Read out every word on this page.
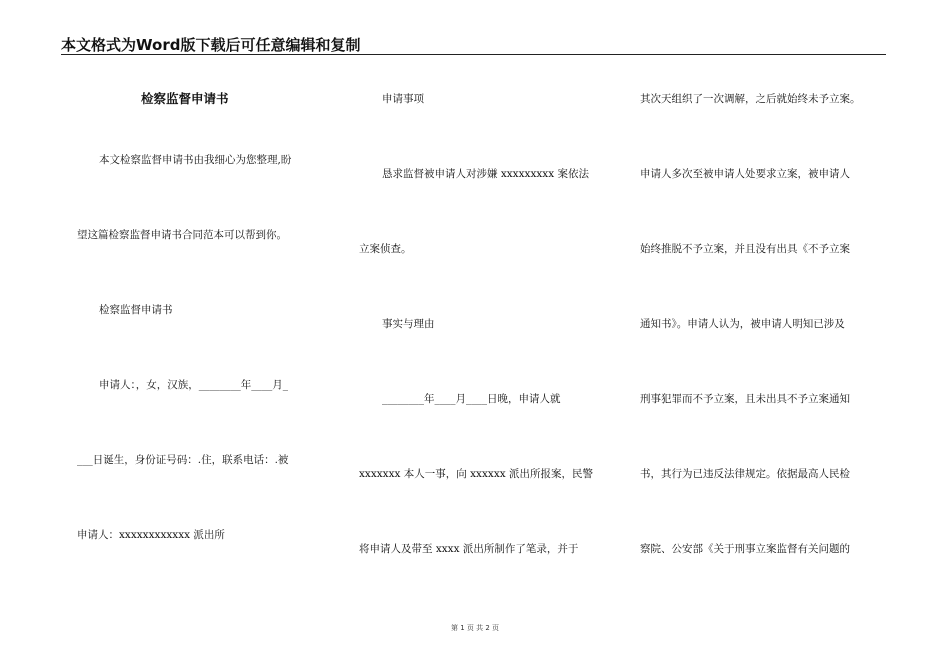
本文格式为Word版下载后可任意编辑和复制
检察监督申请书
本文检察监督申请书由我细心为您整理,盼
望这篇检察监督申请书合同范本可以帮到你。
检察监督申请书
申请人：，女，汉族，________年____月_
___日诞生，身份证号码：.住，联系电话：.被
申请人：xxxxxxxxxxxx 派出所
申请事项
恳求监督被申请人对涉嫌 xxxxxxxxx 案依法
立案侦查。
事实与理由
________年____月____日晚，申请人就
xxxxxxx 本人一事，向 xxxxxx 派出所报案，民警
将申请人及带至 xxxx 派出所制作了笔录，并于
其次天组织了一次调解，之后就始终未予立案。
申请人多次至被申请人处要求立案，被申请人
始终推脱不予立案，并且没有出具《不予立案
通知书》。申请人认为，被申请人明知已涉及
刑事犯罪而不予立案，且未出具不予立案通知
书，其行为已违反法律规定。依据最高人民检
察院、公安部《关于刑事立案监督有关问题的
第 1 页 共 2 页
